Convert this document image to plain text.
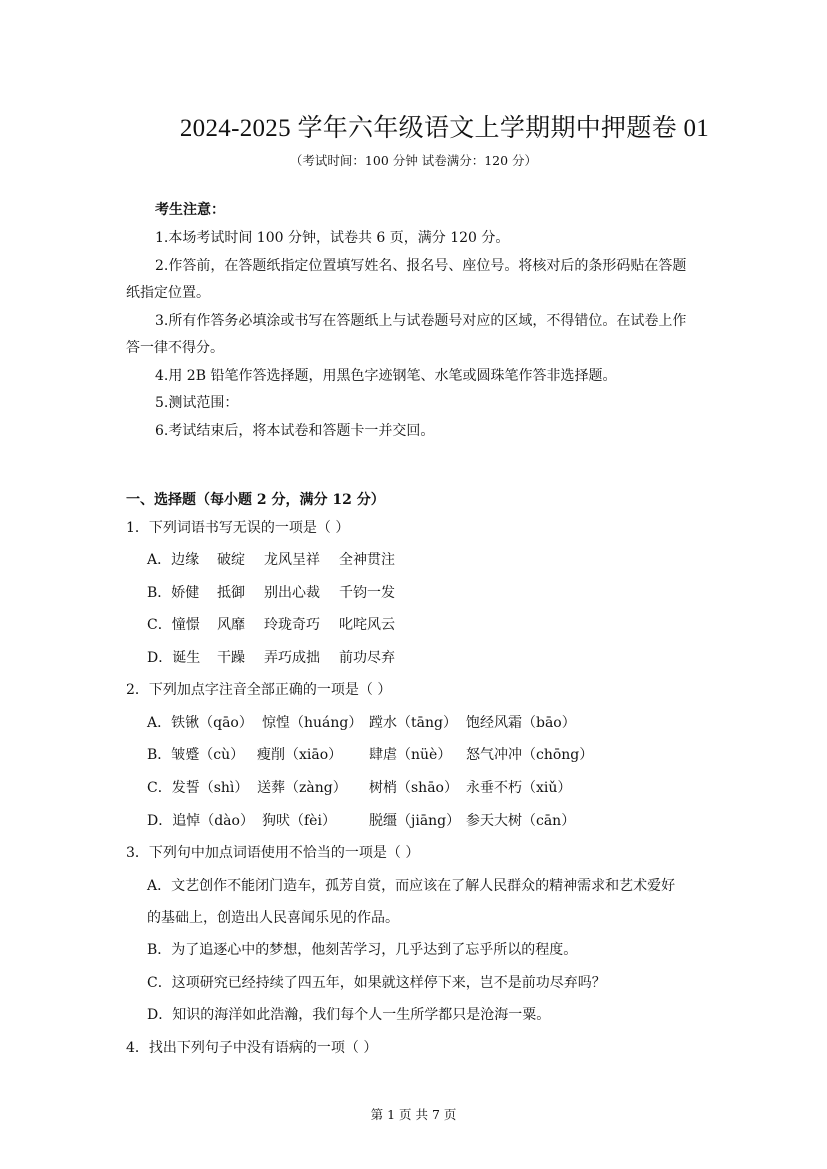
2024-2025 学年六年级语文上学期期中押题卷 01
（考试时间：100 分钟 试卷满分：120 分）
考生注意：
1.本场考试时间 100 分钟，试卷共 6 页，满分 120 分。
2.作答前，在答题纸指定位置填写姓名、报名号、座位号。将核对后的条形码贴在答题
纸指定位置。
3.所有作答务必填涂或书写在答题纸上与试卷题号对应的区域，不得错位。在试卷上作
答一律不得分。
4.用 2B 铅笔作答选择题，用黑色字迹钢笔、水笔或圆珠笔作答非选择题。
5.测试范围：
6.考试结束后，将本试卷和答题卡一并交回。
一、选择题（每小题 2 分，满分 12 分）
1．下列词语书写无误的一项是（ ）
A．边缘 破绽 龙风呈祥 全神贯注
B．娇健 抵御 别出心裁 千钧一发
C．憧憬 风靡 玲珑奇巧 叱咤风云
D．诞生 干躁 弄巧成拙 前功尽弃
2．下列加点字注音全部正确的一项是（ ）
A．铁锹（qāo） 惊惶（huáng） 蹚水（tāng） 饱经风霜（bāo）
B．皱蹙（cù） 瘦削（xiāo） 肆虐（nüè） 怒气冲冲（chōng）
C．发誓（shì） 送葬（zàng） 树梢（shāo） 永垂不朽（xiǔ）
D．追悼（dào） 狗吠（fèi） 脱缰（jiāng） 参天大树（cān）
3．下列句中加点词语使用不恰当的一项是（ ）
A．文艺创作不能闭门造车，孤芳自赏，而应该在了解人民群众的精神需求和艺术爱好
的基础上，创造出人民喜闻乐见的作品。
B．为了追逐心中的梦想，他刻苦学习，几乎达到了忘乎所以的程度。
C．这项研究已经持续了四五年，如果就这样停下来，岂不是前功尽弃吗？
D．知识的海洋如此浩瀚，我们每个人一生所学都只是沧海一粟。
4．找出下列句子中没有语病的一项（ ）
第 1 页 共 7 页
